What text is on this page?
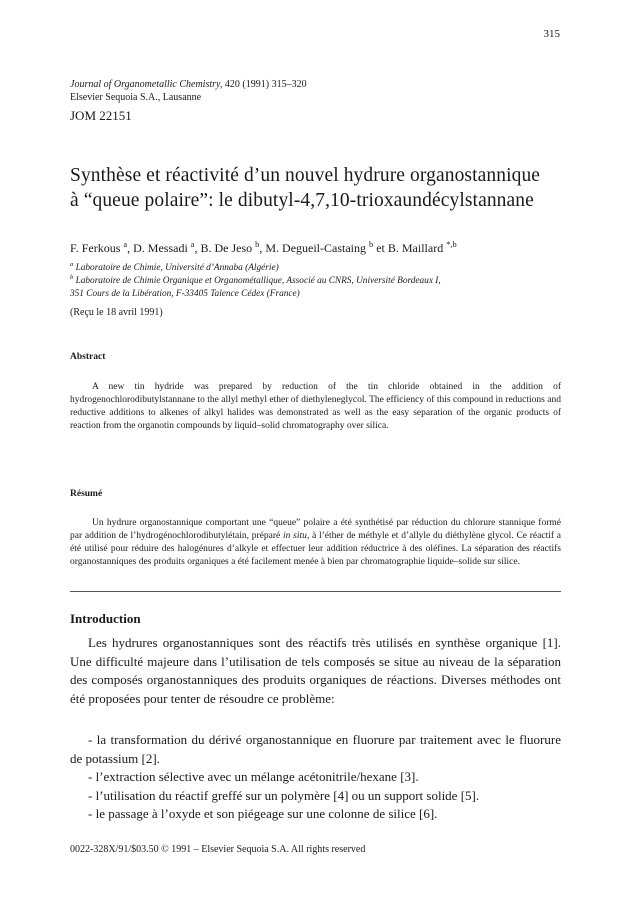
315
Journal of Organometallic Chemistry, 420 (1991) 315–320
Elsevier Sequoia S.A., Lausanne
JOM 22151
Synthèse et réactivité d’un nouvel hydrure organostannique
à “queue polaire”: le dibutyl-4,7,10-trioxaundécylstannane
F. Ferkous $^a$, D. Messadi $^a$, B. De Jeso $^b$, M. Degueil-Castaing $^b$ et B. Maillard $^{*,b}$
$^a$ Laboratoire de Chimie, Université d’Annaba (Algérie)
$^b$ Laboratoire de Chimie Organique et Organométallique, Associé au CNRS, Université Bordeaux I,
351 Cours de la Libération, F-33405 Talence Cédex (France)
(Reçu le 18 avril 1991)
Abstract

A new tin hydride was prepared by reduction of the tin chloride obtained in the addition of hydrogenochlorodibutylstannane to the allyl methyl ether of diethyleneglycol. The efficiency of this compound in reductions and reductive additions to alkenes of alkyl halides was demonstrated as well as the easy separation of the organic products of reaction from the organotin compounds by liquid–solid chromatography over silica.

Résumé

Un hydrure organostannique comportant une “queue” polaire a été synthétisé par réduction du chlorure stannique formé par addition de l’hydrogénochlorodibutylétain, préparé in situ, à l’éther de méthyle et d’allyle du diéthylène glycol. Ce réactif a été utilisé pour réduire des halogénures d’alkyle et effectuer leur addition réductrice à des oléfines. La séparation des réactifs organostanniques des produits organiques a été facilement menée à bien par chromatographie liquide–solide sur silice.

Introduction

Les hydrures organostanniques sont des réactifs très utilisés en synthèse organique [1]. Une difficulté majeure dans l’utilisation de tels composés se situe au niveau de la séparation des composés organostanniques des produits organiques de réactions. Diverses méthodes ont été proposées pour tenter de résoudre ce problème:

- la transformation du dérivé organostannique en fluorure par traitement avec le fluorure de potassium [2].
- l’extraction sélective avec un mélange acétonitrile/hexane [3].
- l’utilisation du réactif greffé sur un polymère [4] ou un support solide [5].
- le passage à l’oxyde et son piégeage sur une colonne de silice [6].
0022-328X/91/$03.50 © 1991 – Elsevier Sequoia S.A. All rights reserved
